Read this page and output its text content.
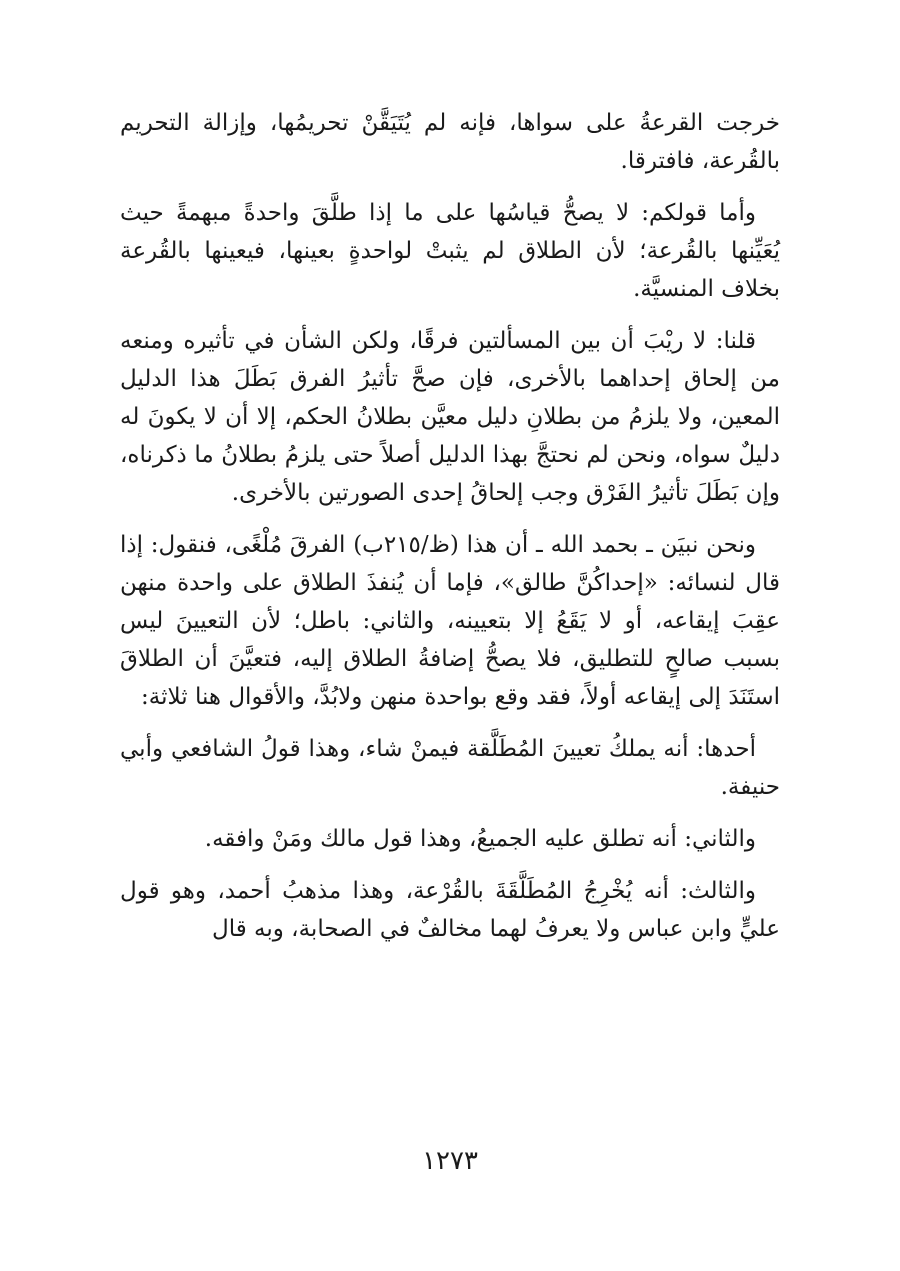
خرجت القرعةُ على سواها، فإنه لم يُتَيَقَّنْ تحريمُها، وإزالة التحريم بالقُرعة، فافترقا.

وأما قولكم: لا يصحُّ قياسُها على ما إذا طلَّقَ واحدةً مبهمةً حيث يُعَيِّنها بالقُرعة؛ لأن الطلاق لم يثبتْ لواحدةٍ بعينها، فيعينها بالقُرعة بخلاف المنسيَّة.

قلنا: لا ريْبَ أن بين المسألتين فرقًا، ولكن الشأن في تأثيره ومنعه من إلحاق إحداهما بالأخرى، فإن صحَّ تأثيرُ الفرق بَطَلَ هذا الدليل المعين، ولا يلزمُ من بطلانِ دليل معيَّن بطلانُ الحكم، إلا أن لا يكونَ له دليلٌ سواه، ونحن لم نحتجَّ بهذا الدليل أصلاً حتى يلزمُ بطلانُ ما ذكرناه، وإن بَطَلَ تأثيرُ الفَرْق وجب إلحاقُ إحدى الصورتين بالأخرى.

ونحن نبيَن ـ بحمد الله ـ أن هذا (ظ/٢١٥ب) الفرقَ مُلْغًى، فنقول: إذا قال لنسائه: «إحداكُنَّ طالق»، فإما أن يُنفذَ الطلاق على واحدة منهن عقِبَ إيقاعه، أو لا يَقَعُ إلا بتعيينه، والثاني: باطل؛ لأن التعيينَ ليس بسبب صالحٍ للتطليق، فلا يصحُّ إضافةُ الطلاق إليه، فتعيَّنَ أن الطلاقَ استَنَدَ إلى إيقاعه أولاً، فقد وقع بواحدة منهن ولابُدَّ، والأقوال هنا ثلاثة:

أحدها: أنه يملكُ تعيينَ المُطَلَّقة فيمنْ شاء، وهذا قولُ الشافعي وأبي حنيفة.

والثاني: أنه تطلق عليه الجميعُ، وهذا قول مالك ومَنْ وافقه.

والثالث: أنه يُخْرِجُ المُطَلَّقَةَ بالقُرْعة، وهذا مذهبُ أحمد، وهو قول عليٍّ وابن عباس ولا يعرفُ لهما مخالفٌ في الصحابة، وبه قال

١٢٧٣
